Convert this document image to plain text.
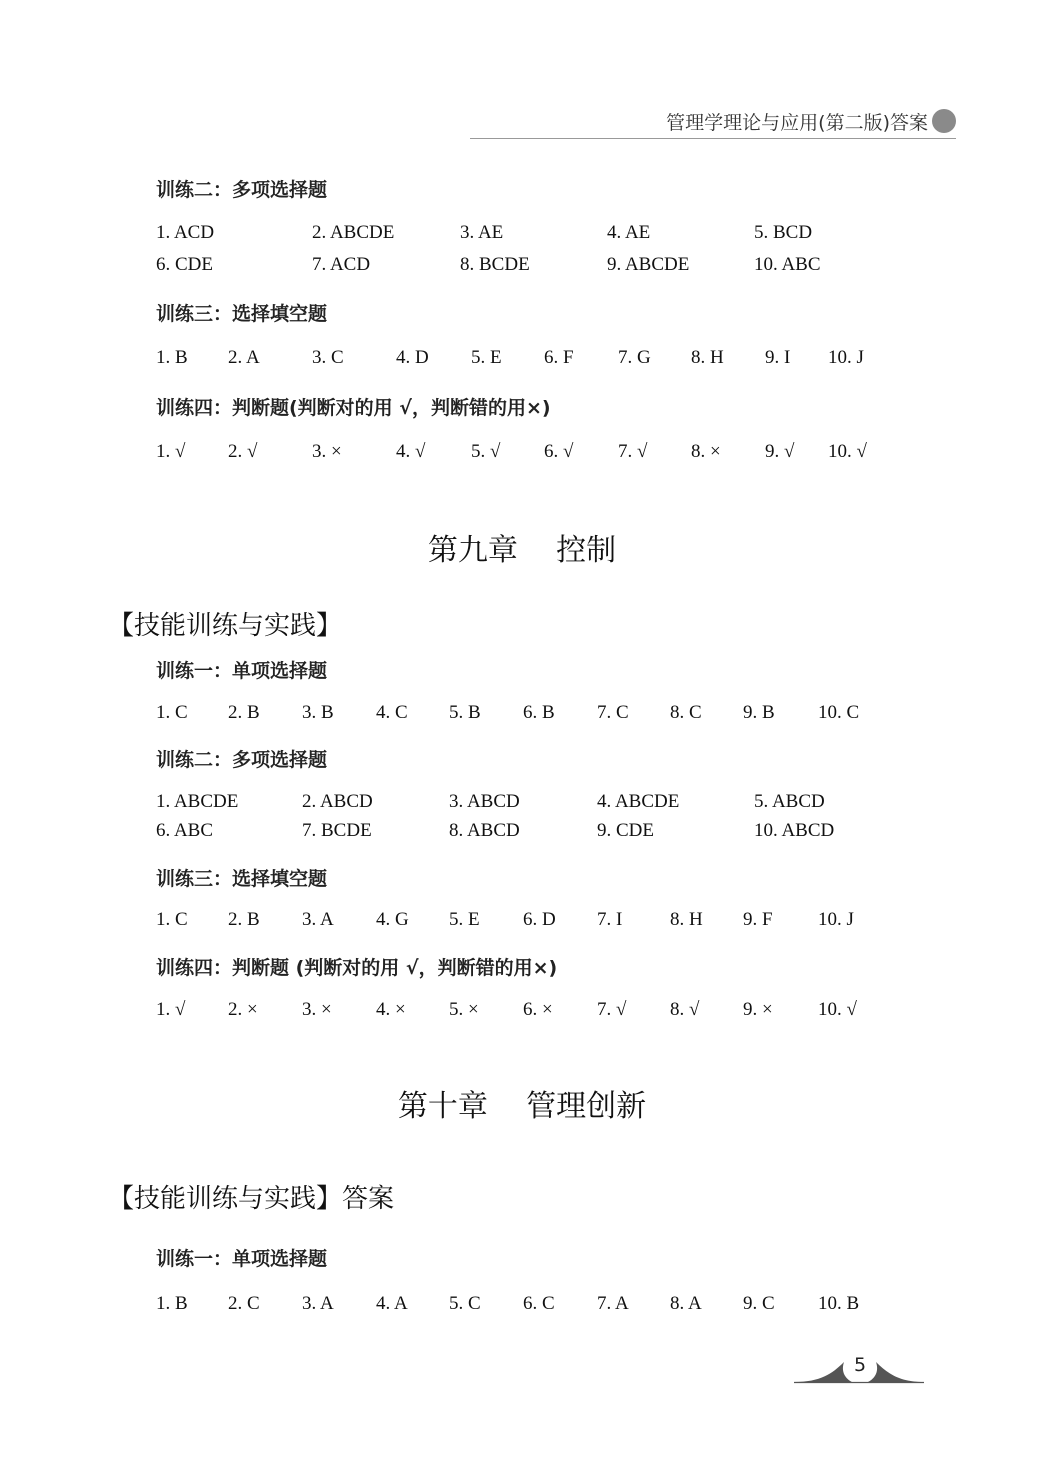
管理学理论与应用(第二版)答案
训练二：多项选择题
1. ACD	2. ABCDE	3. AE	4. AE	5. BCD
6. CDE	7. ACD	8. BCDE	9. ABCDE	10. ABC
训练三：选择填空题
1. B 2. A	3. C	4. D 5. E 6. F 7. G 8. H 9. I 10. J
训练四：判断题(判断对的用 √，判断错的用×)
1. √ 2. √	3. ×	4. √ 5. √ 6. √ 7. √ 8. × 9. √ 10. √
第九章    控制
【技能训练与实践】
训练一：单项选择题
1. C 2. B 3. B 4. C 5. B 6. B 7. C 8. C 9. B 10. C
训练二：多项选择题
1. ABCDE	2. ABCD	3. ABCD	4. ABCDE	5. ABCD
6. ABC	7. BCDE	8. ABCD	9. CDE	10. ABCD
训练三：选择填空题
1. C 2. B 3. A 4. G 5. E 6. D 7. I	8. H 9. F 10. J
训练四：判断题 (判断对的用 √，判断错的用×)
1. √ 2. × 3. × 4. × 5. × 6. × 7. √ 8. √ 9. × 10. √
第十章    管理创新
【技能训练与实践】答案
训练一：单项选择题
1. B 2. C 3. A 4. A 5. C 6. C 7. A 8. A 9. C 10. B
5
